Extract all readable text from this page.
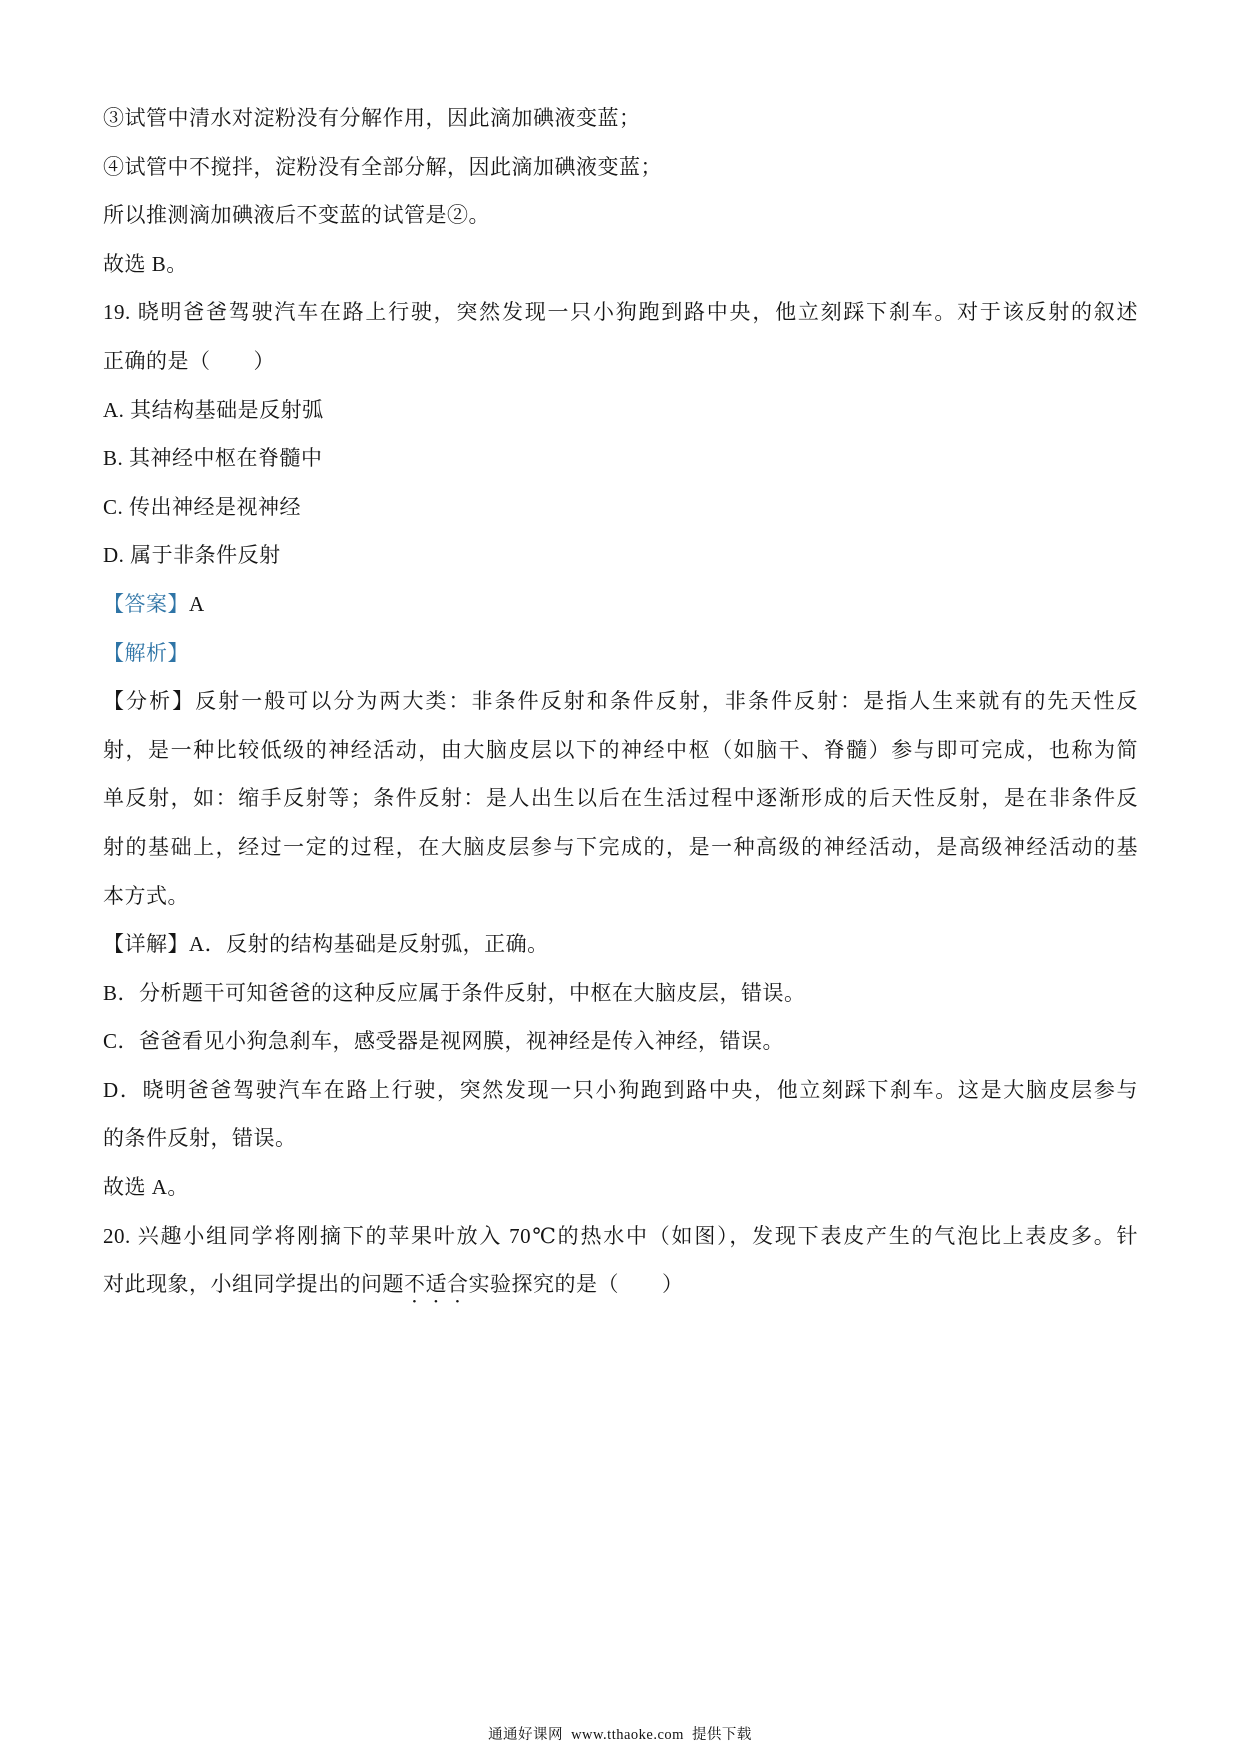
③试管中清水对淀粉没有分解作用，因此滴加碘液变蓝；
④试管中不搅拌，淀粉没有全部分解，因此滴加碘液变蓝；
所以推测滴加碘液后不变蓝的试管是②。
故选 B。
19. 晓明爸爸驾驶汽车在路上行驶，突然发现一只小狗跑到路中央，他立刻踩下刹车。对于该反射的叙述
正确的是（　　）
A. 其结构基础是反射弧
B. 其神经中枢在脊髓中
C. 传出神经是视神经
D. 属于非条件反射
【答案】A
【解析】
【分析】反射一般可以分为两大类：非条件反射和条件反射，非条件反射：是指人生来就有的先天性反
射，是一种比较低级的神经活动，由大脑皮层以下的神经中枢（如脑干、脊髓）参与即可完成，也称为简
单反射，如：缩手反射等；条件反射：是人出生以后在生活过程中逐渐形成的后天性反射，是在非条件反
射的基础上，经过一定的过程，在大脑皮层参与下完成的，是一种高级的神经活动，是高级神经活动的基
本方式。
【详解】A．反射的结构基础是反射弧，正确。
B．分析题干可知爸爸的这种反应属于条件反射，中枢在大脑皮层，错误。
C．爸爸看见小狗急刹车，感受器是视网膜，视神经是传入神经，错误。
D．晓明爸爸驾驶汽车在路上行驶，突然发现一只小狗跑到路中央，他立刻踩下刹车。这是大脑皮层参与
的条件反射，错误。
故选 A。
20. 兴趣小组同学将刚摘下的苹果叶放入 70℃的热水中（如图），发现下表皮产生的气泡比上表皮多。针
对此现象，小组同学提出的问题不适合实验探究的是（　　）
通通好课网 www.tthaoke.com 提供下载
